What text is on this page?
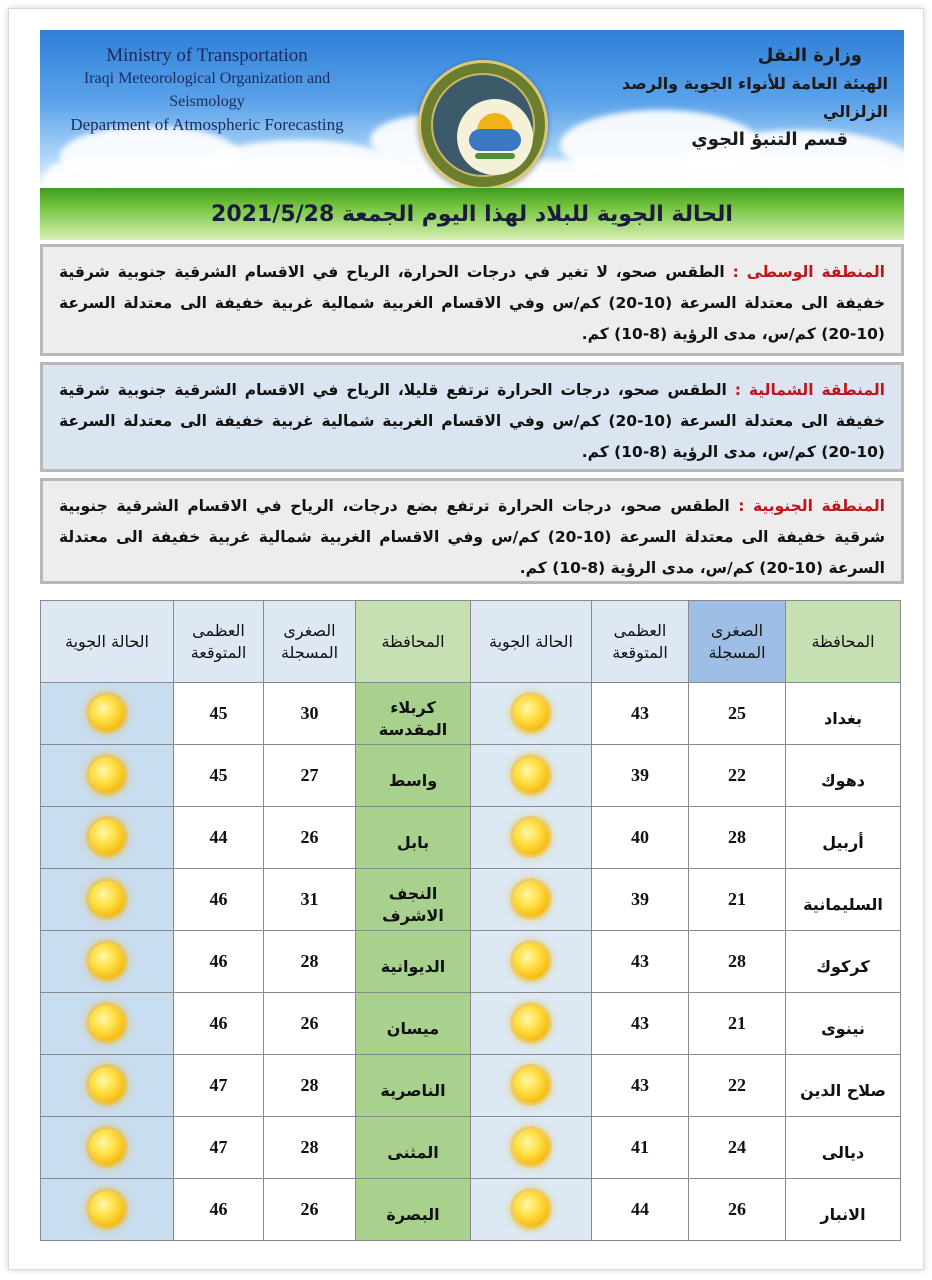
Ministry of Transportation
Iraqi Meteorological Organization and Seismology
Department of Atmospheric Forecasting
وزارة النقل
الهيئة العامة للأنواء الجوية والرصد الزلزالي
قسم التنبؤ الجوي
الحالة الجوية للبلاد لهذا اليوم الجمعة 2021/5/28
المنطقة الوسطى : الطقس صحو، لا تغير في درجات الحرارة، الرياح في الاقسام الشرقية جنوبية شرقية خفيفة الى معتدلة السرعة (10-20) كم/س وفي الاقسام الغربية شمالية غربية خفيفة الى معتدلة السرعة (10-20) كم/س، مدى الرؤية (8-10) كم.
المنطقة الشمالية : الطقس صحو، درجات الحرارة ترتفع قليلا، الرياح في الاقسام الشرقية جنوبية شرقية خفيفة الى معتدلة السرعة (10-20) كم/س وفي الاقسام الغربية شمالية غربية خفيفة الى معتدلة السرعة (10-20) كم/س، مدى الرؤية (8-10) كم.
المنطقة الجنوبية : الطقس صحو، درجات الحرارة ترتفع بضع درجات، الرياح في الاقسام الشرقية جنوبية شرقية خفيفة الى معتدلة السرعة (10-20) كم/س وفي الاقسام الغربية شمالية غربية خفيفة الى معتدلة السرعة (10-20) كم/س، مدى الرؤية (8-10) كم.
المحافظة	الصغرى المسجلة	العظمى المتوقعة	الحالة الجوية	المحافظة	الصغرى المسجلة	العظمى المتوقعة	الحالة الجوية
بغداد	25	43		كربلاء المقدسة	30	45	
دهوك	22	39		واسط	27	45	
أربيل	28	40		بابل	26	44	
السليمانية	21	39		النجف الاشرف	31	46	
كركوك	28	43		الديوانية	28	46	
نينوى	21	43		ميسان	26	46	
صلاح الدين	22	43		الناصرية	28	47	
ديالى	24	41		المثنى	28	47	
الانبار	26	44		البصرة	26	46	
